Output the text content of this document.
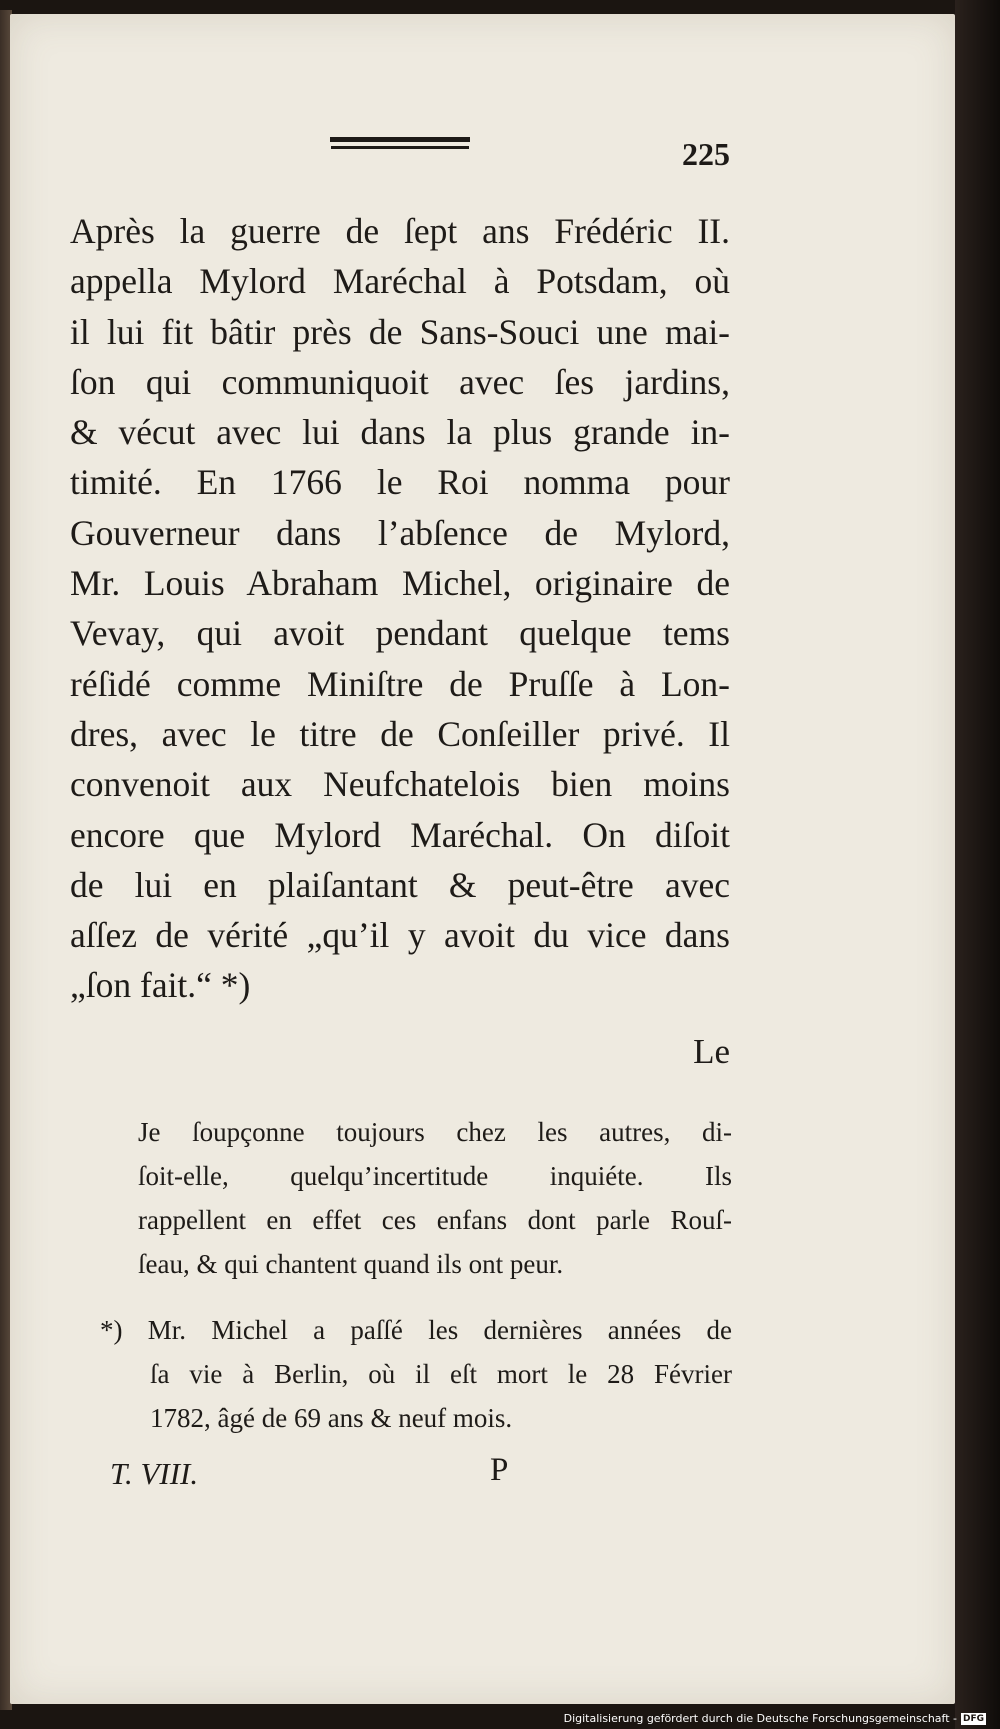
225
Après la guerre de ſept ans Frédéric II.
appella Mylord Maréchal à Potsdam, où
il lui fit bâtir près de Sans-Souci une mai-
ſon qui communiquoit avec ſes jardins,
& vécut avec lui dans la plus grande in-
timité. En 1766 le Roi nomma pour
Gouverneur dans l’abſence de Mylord,
Mr. Louis Abraham Michel, originaire de
Vevay, qui avoit pendant quelque tems
réſidé comme Miniſtre de Pruſſe à Lon-
dres, avec le titre de Conſeiller privé. Il
convenoit aux Neufchatelois bien moins
encore que Mylord Maréchal. On diſoit
de lui en plaiſantant & peut-être avec
aſſez de vérité „qu’il y avoit du vice dans
„ſon fait.“ *)
Le
Je ſoupçonne toujours chez les autres, di-
ſoit-elle, quelqu’incertitude inquiéte. Ils
rappellent en effet ces enfans dont parle Rouſ-
ſeau, & qui chantent quand ils ont peur.
*) Mr. Michel a paſſé les dernières années de
ſa vie à Berlin, où il eſt mort le 28 Février
1782, âgé de 69 ans & neuf mois.
T. VIII.	P
Digitalisierung gefördert durch die Deutsche Forschungsgemeinschaft - DFG
